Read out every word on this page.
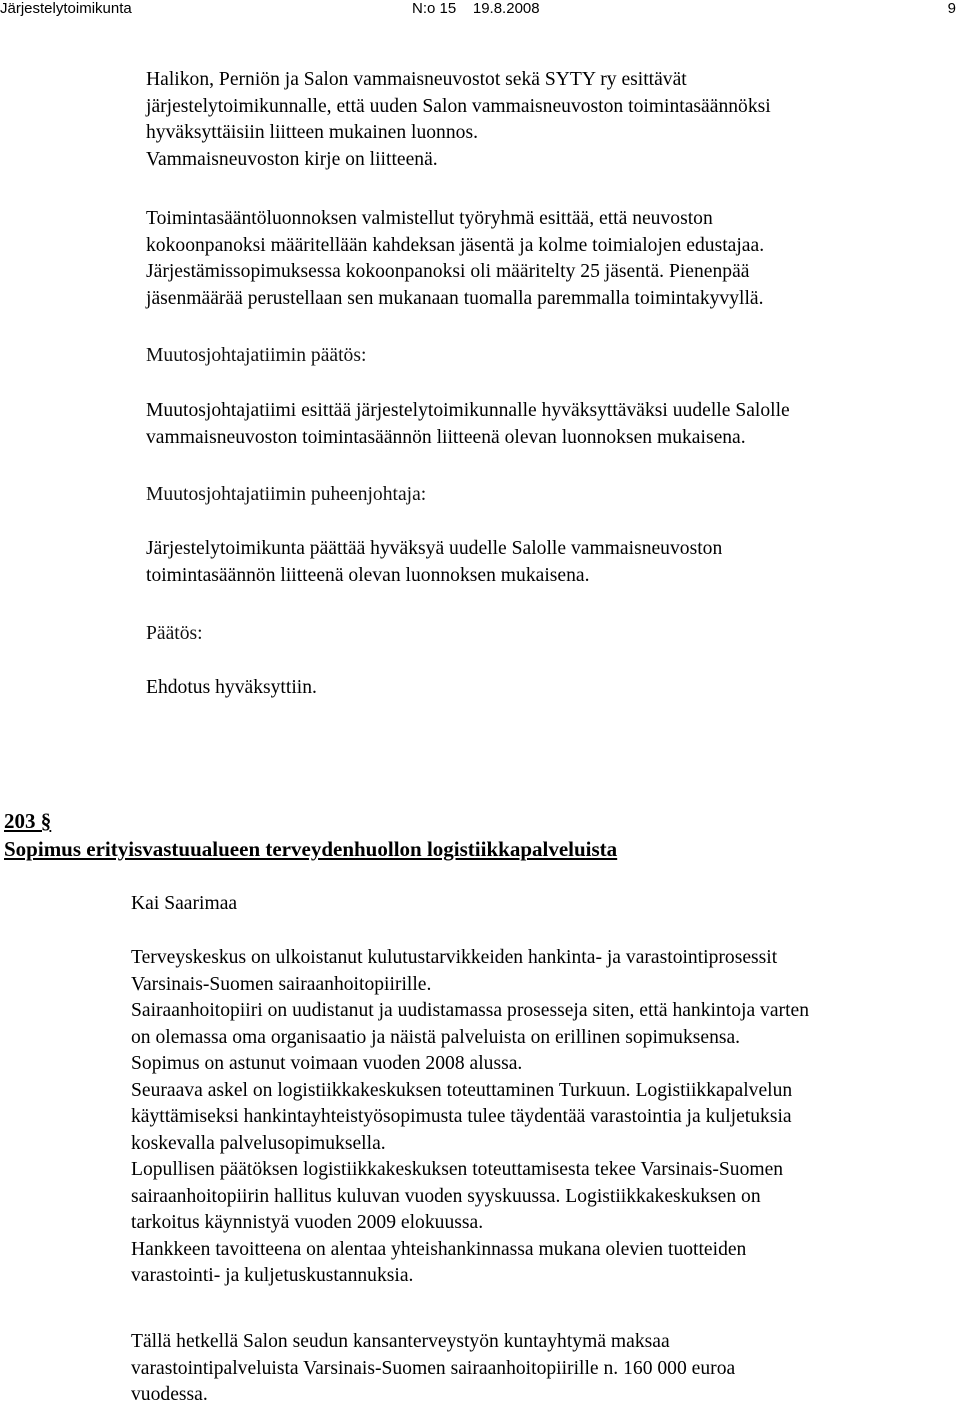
Järjestelytoimikunta	N:o 15    19.8.2008	9
Halikon, Perniön ja Salon vammaisneuvostot sekä SYTY ry esittävät
järjestelytoimikunnalle, että uuden Salon vammaisneuvoston toimintasäännöksi
hyväksyttäisiin liitteen mukainen luonnos.
Vammaisneuvoston kirje on liitteenä.
Toimintasääntöluonnoksen valmistellut työryhmä esittää, että neuvoston
kokoonpanoksi määritellään kahdeksan jäsentä ja kolme toimialojen edustajaa.
Järjestämissopimuksessa kokoonpanoksi oli määritelty 25 jäsentä. Pienenpää
jäsenmäärää perustellaan sen mukanaan tuomalla paremmalla toimintakyvyllä.
Muutosjohtajatiimin päätös:
Muutosjohtajatiimi esittää järjestelytoimikunnalle hyväksyttäväksi uudelle Salolle
vammaisneuvoston toimintasäännön liitteenä olevan luonnoksen mukaisena.
Muutosjohtajatiimin puheenjohtaja:
Järjestelytoimikunta päättää hyväksyä uudelle Salolle vammaisneuvoston
toimintasäännön liitteenä olevan luonnoksen mukaisena.
Päätös:
Ehdotus hyväksyttiin.
203 §
Sopimus erityisvastuualueen terveydenhuollon logistiikkapalveluista
Kai Saarimaa
Terveyskeskus on ulkoistanut kulutustarvikkeiden hankinta- ja varastointiprosessit
Varsinais-Suomen sairaanhoitopiirille.
Sairaanhoitopiiri on uudistanut ja uudistamassa prosesseja siten, että hankintoja varten
on olemassa oma organisaatio ja näistä palveluista on erillinen sopimuksensa.
Sopimus on astunut voimaan vuoden 2008 alussa.
Seuraava askel on logistiikkakeskuksen toteuttaminen Turkuun. Logistiikkapalvelun
käyttämiseksi hankintayhteistyösopimusta tulee täydentää varastointia ja kuljetuksia
koskevalla palvelusopimuksella.
Lopullisen päätöksen logistiikkakeskuksen toteuttamisesta tekee Varsinais-Suomen
sairaanhoitopiirin hallitus kuluvan vuoden syyskuussa. Logistiikkakeskuksen on
tarkoitus käynnistyä vuoden 2009 elokuussa.
Hankkeen tavoitteena on alentaa yhteishankinnassa mukana olevien tuotteiden
varastointi- ja kuljetuskustannuksia.
Tällä hetkellä Salon seudun kansanterveystyön kuntayhtymä maksaa
varastointipalveluista Varsinais-Suomen sairaanhoitopiirille n. 160 000 euroa
vuodessa.
